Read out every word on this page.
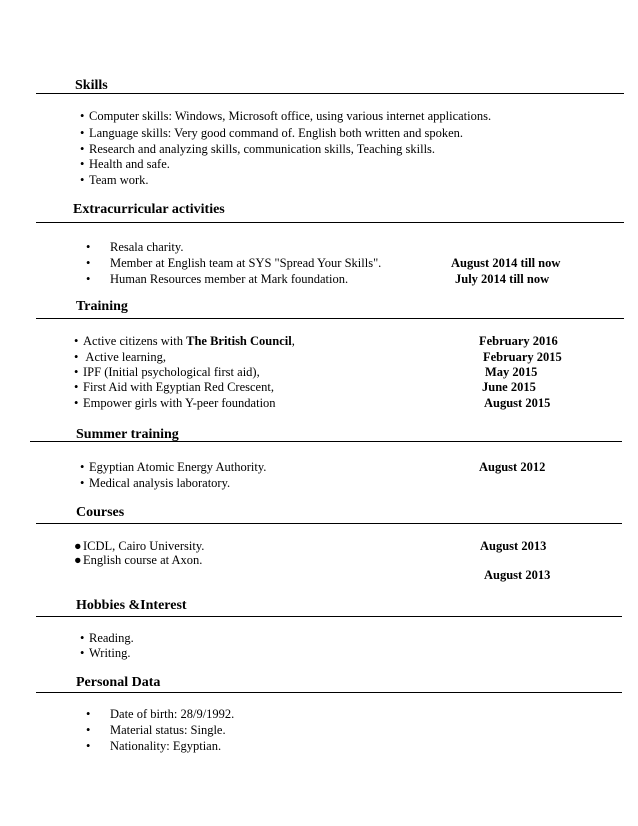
Skills
• Computer skills: Windows, Microsoft office, using various internet applications.
• Language skills: Very good command of. English both written and spoken.
• Research and analyzing skills, communication skills, Teaching skills.
• Health and safe.
• Team work.
Extracurricular activities
• Resala charity.
• Member at English team at SYS "Spread Your Skills".	August 2014 till now
• Human Resources member at Mark foundation.	July 2014 till now
Training
• Active citizens with The British Council,	February 2016
• Active learning,	February 2015
• IPF (Initial psychological first aid),	May 2015
• First Aid with Egyptian Red Crescent,	June 2015
• Empower girls with Y-peer foundation	August 2015
Summer training
• Egyptian Atomic Energy Authority.	August 2012
• Medical analysis laboratory.
Courses
●ICDL, Cairo University.	August 2013
●English course at Axon.
August 2013
Hobbies &Interest
• Reading.
• Writing.
Personal Data
• Date of birth: 28/9/1992.
• Material status: Single.
• Nationality: Egyptian.
